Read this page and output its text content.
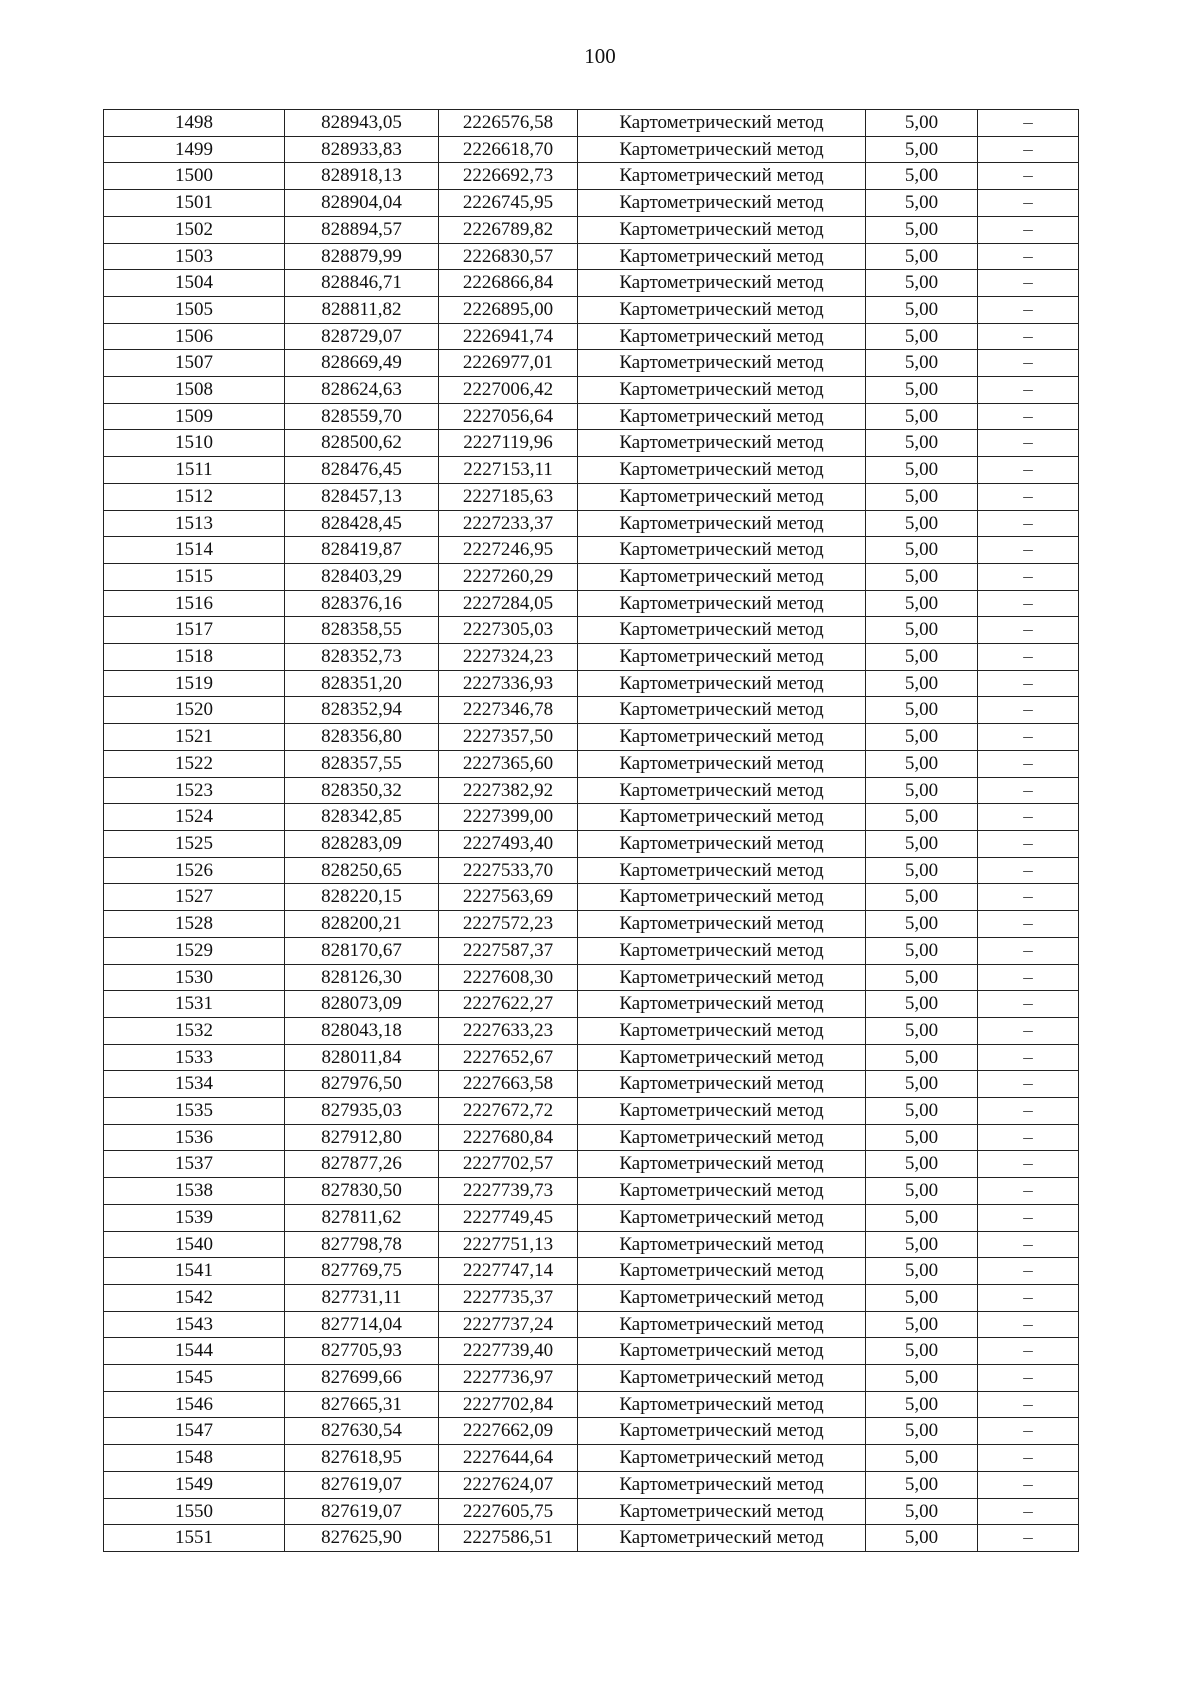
100
1498	828943,05	2226576,58	Картометрический метод	5,00	–
1499	828933,83	2226618,70	Картометрический метод	5,00	–
1500	828918,13	2226692,73	Картометрический метод	5,00	–
1501	828904,04	2226745,95	Картометрический метод	5,00	–
1502	828894,57	2226789,82	Картометрический метод	5,00	–
1503	828879,99	2226830,57	Картометрический метод	5,00	–
1504	828846,71	2226866,84	Картометрический метод	5,00	–
1505	828811,82	2226895,00	Картометрический метод	5,00	–
1506	828729,07	2226941,74	Картометрический метод	5,00	–
1507	828669,49	2226977,01	Картометрический метод	5,00	–
1508	828624,63	2227006,42	Картометрический метод	5,00	–
1509	828559,70	2227056,64	Картометрический метод	5,00	–
1510	828500,62	2227119,96	Картометрический метод	5,00	–
1511	828476,45	2227153,11	Картометрический метод	5,00	–
1512	828457,13	2227185,63	Картометрический метод	5,00	–
1513	828428,45	2227233,37	Картометрический метод	5,00	–
1514	828419,87	2227246,95	Картометрический метод	5,00	–
1515	828403,29	2227260,29	Картометрический метод	5,00	–
1516	828376,16	2227284,05	Картометрический метод	5,00	–
1517	828358,55	2227305,03	Картометрический метод	5,00	–
1518	828352,73	2227324,23	Картометрический метод	5,00	–
1519	828351,20	2227336,93	Картометрический метод	5,00	–
1520	828352,94	2227346,78	Картометрический метод	5,00	–
1521	828356,80	2227357,50	Картометрический метод	5,00	–
1522	828357,55	2227365,60	Картометрический метод	5,00	–
1523	828350,32	2227382,92	Картометрический метод	5,00	–
1524	828342,85	2227399,00	Картометрический метод	5,00	–
1525	828283,09	2227493,40	Картометрический метод	5,00	–
1526	828250,65	2227533,70	Картометрический метод	5,00	–
1527	828220,15	2227563,69	Картометрический метод	5,00	–
1528	828200,21	2227572,23	Картометрический метод	5,00	–
1529	828170,67	2227587,37	Картометрический метод	5,00	–
1530	828126,30	2227608,30	Картометрический метод	5,00	–
1531	828073,09	2227622,27	Картометрический метод	5,00	–
1532	828043,18	2227633,23	Картометрический метод	5,00	–
1533	828011,84	2227652,67	Картометрический метод	5,00	–
1534	827976,50	2227663,58	Картометрический метод	5,00	–
1535	827935,03	2227672,72	Картометрический метод	5,00	–
1536	827912,80	2227680,84	Картометрический метод	5,00	–
1537	827877,26	2227702,57	Картометрический метод	5,00	–
1538	827830,50	2227739,73	Картометрический метод	5,00	–
1539	827811,62	2227749,45	Картометрический метод	5,00	–
1540	827798,78	2227751,13	Картометрический метод	5,00	–
1541	827769,75	2227747,14	Картометрический метод	5,00	–
1542	827731,11	2227735,37	Картометрический метод	5,00	–
1543	827714,04	2227737,24	Картометрический метод	5,00	–
1544	827705,93	2227739,40	Картометрический метод	5,00	–
1545	827699,66	2227736,97	Картометрический метод	5,00	–
1546	827665,31	2227702,84	Картометрический метод	5,00	–
1547	827630,54	2227662,09	Картометрический метод	5,00	–
1548	827618,95	2227644,64	Картометрический метод	5,00	–
1549	827619,07	2227624,07	Картометрический метод	5,00	–
1550	827619,07	2227605,75	Картометрический метод	5,00	–
1551	827625,90	2227586,51	Картометрический метод	5,00	–
